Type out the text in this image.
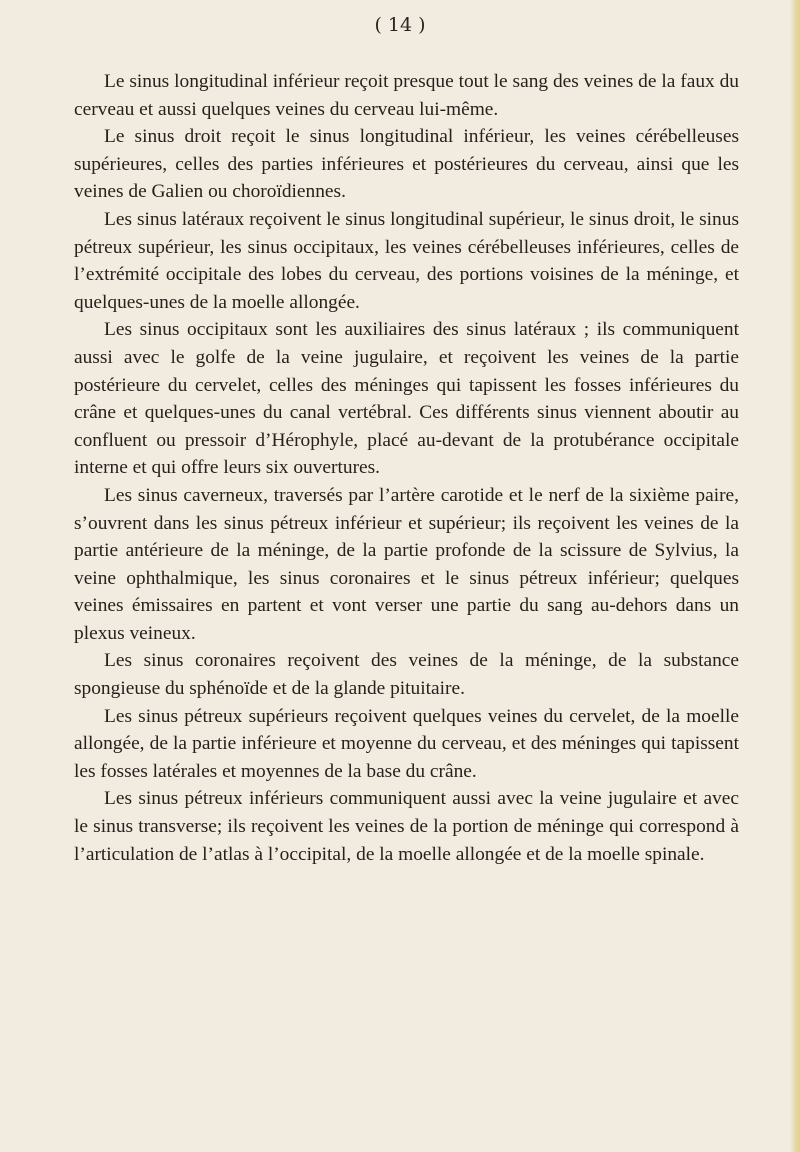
( 14 )

Le sinus longitudinal inférieur reçoit presque tout le sang des veines de la faux du cerveau et aussi quelques veines du cerveau lui-même.

Le sinus droit reçoit le sinus longitudinal inférieur, les veines cérébelleuses supérieures, celles des parties inférieures et postérieures du cerveau, ainsi que les veines de Galien ou choroïdiennes.

Les sinus latéraux reçoivent le sinus longitudinal supérieur, le sinus droit, le sinus pétreux supérieur, les sinus occipitaux, les veines cérébelleuses inférieures, celles de l’extrémité occipitale des lobes du cerveau, des portions voisines de la méninge, et quelques-unes de la moelle allongée.

Les sinus occipitaux sont les auxiliaires des sinus latéraux ; ils communiquent aussi avec le golfe de la veine jugulaire, et reçoivent les veines de la partie postérieure du cervelet, celles des méninges qui tapissent les fosses inférieures du crâne et quelques-unes du canal vertébral. Ces différents sinus viennent aboutir au confluent ou pressoir d’Hérophyle, placé au-devant de la protubérance occipitale interne et qui offre leurs six ouvertures.

Les sinus caverneux, traversés par l’artère carotide et le nerf de la sixième paire, s’ouvrent dans les sinus pétreux inférieur et supérieur; ils reçoivent les veines de la partie antérieure de la méninge, de la partie profonde de la scissure de Sylvius, la veine ophthalmique, les sinus coronaires et le sinus pétreux inférieur; quelques veines émissaires en partent et vont verser une partie du sang au-dehors dans un plexus veineux.

Les sinus coronaires reçoivent des veines de la méninge, de la substance spongieuse du sphénoïde et de la glande pituitaire.

Les sinus pétreux supérieurs reçoivent quelques veines du cervelet, de la moelle allongée, de la partie inférieure et moyenne du cerveau, et des méninges qui tapissent les fosses latérales et moyennes de la base du crâne.

Les sinus pétreux inférieurs communiquent aussi avec la veine jugulaire et avec le sinus transverse; ils reçoivent les veines de la portion de méninge qui correspond à l’articulation de l’atlas à l’occipital, de la moelle allongée et de la moelle spinale.
